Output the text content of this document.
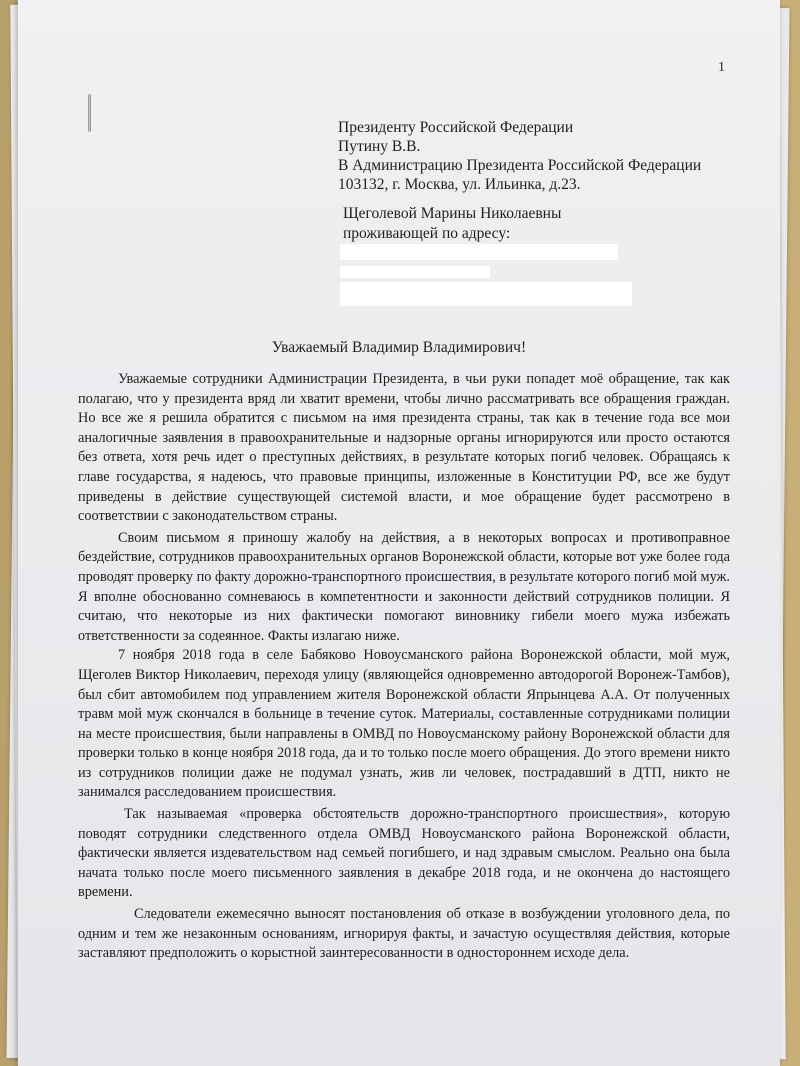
1
Президенту Российской Федерации
Путину В.В.
В Администрацию Президента Российской Федерации
103132, г. Москва, ул. Ильинка, д.23.
Щеголевой Марины Николаевны
проживающей по адресу:
Уважаемый Владимир Владимирович!

Уважаемые сотрудники Администрации Президента, в чьи руки попадет моё обращение, так как полагаю, что у президента вряд ли хватит времени, чтобы лично рассматривать все обращения граждан. Но все же я решила обратится с письмом на имя президента страны, так как в течение года все мои аналогичные заявления в правоохранительные и надзорные органы игнорируются или просто остаются без ответа, хотя речь идет о преступных действиях, в результате которых погиб человек. Обращаясь к главе государства, я надеюсь, что правовые принципы, изложенные в Конституции РФ, все же будут приведены в действие существующей системой власти, и мое обращение будет рассмотрено в соответствии с законодательством страны.

Своим письмом я приношу жалобу на действия, а в некоторых вопросах и противоправное бездействие, сотрудников правоохранительных органов Воронежской области, которые вот уже более года проводят проверку по факту дорожно-транспортного происшествия, в результате которого погиб мой муж. Я вполне обоснованно сомневаюсь в компетентности и законности действий сотрудников полиции. Я считаю, что некоторые из них фактически помогают виновнику гибели моего мужа избежать ответственности за содеянное. Факты излагаю ниже.

7 ноября 2018 года в селе Бабяково Новоусманского района Воронежской области, мой муж, Щеголев Виктор Николаевич, переходя улицу (являющейся одновременно автодорогой Воронеж-Тамбов), был сбит автомобилем под управлением жителя Воронежской области Япрынцева А.А. От полученных травм мой муж скончался в больнице в течение суток. Материалы, составленные сотрудниками полиции на месте происшествия, были направлены в ОМВД по Новоусманскому району Воронежской области для проверки только в конце ноября 2018 года, да и то только после моего обращения. До этого времени никто из сотрудников полиции даже не подумал узнать, жив ли человек, пострадавший в ДТП, никто не занимался расследованием происшествия.

Так называемая «проверка обстоятельств дорожно-транспортного происшествия», которую поводят сотрудники следственного отдела ОМВД Новоусманского района Воронежской области, фактически является издевательством над семьей погибшего, и над здравым смыслом. Реально она была начата только после моего письменного заявления в декабре 2018 года, и не окончена до настоящего времени.

Следователи ежемесячно выносят постановления об отказе в возбуждении уголовного дела, по одним и тем же незаконным основаниям, игнорируя факты, и зачастую осуществляя действия, которые заставляют предположить о корыстной заинтересованности в одностороннем исходе дела.
